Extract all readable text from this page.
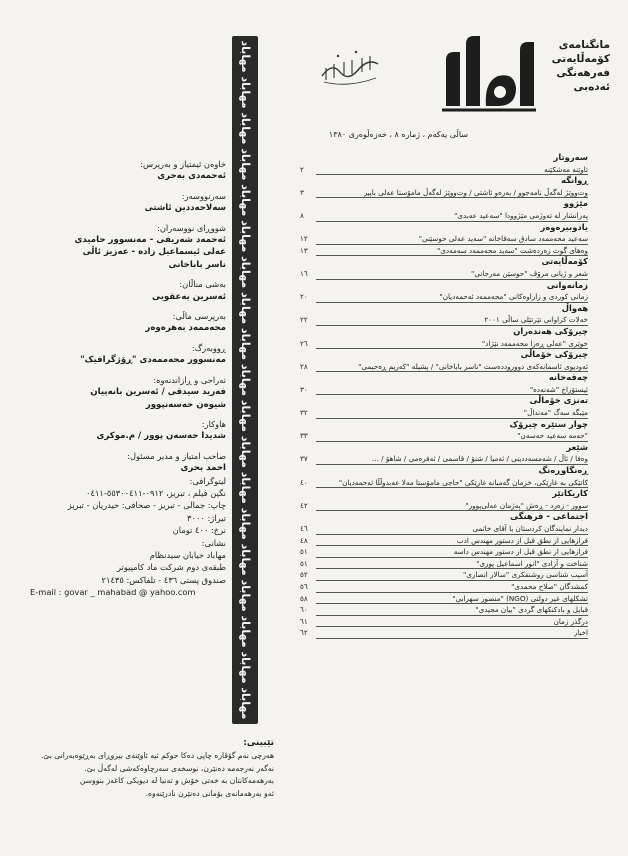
مانگنامەی
کۆمەڵایەتی
فەرهەنگی
ئەدەبی
ساڵی یەکەم ، ژمارە ٨ ، خەزەڵوەری ١٣٨٠
مهاباد مهاباد مهاباد مهاباد مهاباد مهاباد مهاباد مهاباد مهاباد مهاباد مهاباد مهاباد مهاباد مهاباد مهاباد مهاباد مهاباد مهاباد مهاباد	سەروتار
ئاوێنە مەشکێنە
٢
ڕوانگە
وت‌ووێژ لەگەڵ نامەجوو / بەرەو ئاشتی / وت‌ووێژ لەگەڵ مامۆستا عەلی باپیر
٣
مێژوو
پەرانشار لە تەوژمی مێژوودا "سەعید عەبدی"
٨
یادوبیرەوەر
سەعید محەممەد سادق سەقاخانە "سەید عەلی حوسێنی"
١٢
وەهای گوت زەردەشت "سەید محەممەد سەمەدی"
١٣
کۆمەڵایەتی
شعر و ژیانی مرۆڤ "حوسێن مەرجانی"
١٦
زمانەوانی
زمانی کوردی و زاراوەکانی "محەممەد ئەحمەدیان"
٢٠
هەواڵ
خەلات کراوانی تێرتێلی ساڵی ٢٠٠١
٢٢
چیرۆکی هەندەران
خوێری "عەلی ڕەزا محەممەد نێژاد"
٢٦
چیرۆکی خۆماڵی
ئەودیوی ئاسمانەکەی دووروددەست "ناسر باباخانی" / پشیلە "کەریم ڕەحیمی"
٢٨
چەقەخانە
ئیستۆراخ "شەنەدە"
٣٠
تەنزی خۆماڵی
مێبگە سەگ "مەنداڵ"
٣٢
چوار ستێرە چیرۆک
"حەمە سەعید حەسەن"
٣٣
شێعر
وەفا / ئاڵ / شەمسەددینی / ئەمیا / شنۆ / قاسمی / ئەفرەمی / شاهۆ / ...
٣٧
ڕەنگاوڕەنگ
کاتێکی بە غارێکی، خزمان گەمبانە غارێکی "حاجی مامۆستا مەلا عەبدوڵڵا ئەحمەدیان"
٤٠
کاریکاتێر
سوور - زەرد - ڕەش "پەژمان عەلی‌پوور"
٤٢
اجتماعی - فرهنگی
دیدار نمایندگان کردستان با آقای خاتمی
٤٦
فرازهایی از نطق قبل از دستور مهندس ادب
٤٨
فرازهایی از نطق قبل از دستور مهندس داسه
٥١
شناخت و آزادی "انور اسماعیل پوری"
٥١
آسیب شناسی روشنفکری "سالار انصاری"
٥٢
کمشدگان "صلاح محمدی"
٥٦
تشکلهای غیر دولتی (NGO) "منصور سهرابی"
٥٨
قبایل و بادکنکهای گردی "بیان مجیدی"
٦٠
درگذر زمان
٦١
اخبار
٦٢
خاوەن ئیمتیاز و بەرپرس:
ئەحمەدی بەحری
سەرنووسەر:
سەلاحەددین ئاشتی
شووڕای نووسەران:
ئەحمەد شەریفی - مەنسوور حامیدی
عەلی ئیسماعیل زادە - عەزیز ئاڵی
ناسر باباخانی
بەشی مناڵان:
ئەسرین یەعقوبی
بەرپرسی ماڵی:
محەممەد بەهرەوەر
ڕووبەرگ:
مەنسوور محەممەدی "ڕۆژگرافیک"
تەراحی و ڕازاندنەوە:
فەرید سیدقی / ئەسرین بانەییان
شیوەن حەسەنپوور
هاوکار:
شدیدا حەسەن پوور / م.موکری
صاحب امتیاز و مدیر مسئول:
احمد بحری
لیتوگرافی:
نگین فیلم ، تبریز، ٠٩١٢-٥٥٣٠٠٤١١-٠٤١١
چاپ: جمالی - تبریز - صحافی: حیدریان - تبریز
تیراژ: ٣٠٠٠
نرخ: ٤٠٠ تومان
نشانی:
مهاباد خیابان سیدنظام
طبقەی دوم شرکت ماد کامپیوتر
صندوق پستی ٤٣٦ - تلفاکس: ٢١٤٣٥
E-mail : govar _ mahabad @ yahoo.com
تێبینی:
هەرچی نەم گۆڤارە چاپی دەکا حوکم ئیە ئاوێنەی بیروڕای بەڕێوەبەرانی بێ.
نەگەر نەرجەمە دەنێرن، نوسخەی سەرچاوەکەشی لەگەڵ بێ.
بەرهەمەکانتان بە خەتی خۆش و تەنیا لە دیویکی کاغەز بنووسن
ئەو بەرهەمانەی بۆمانی دەنێرن نادرێنەوە.
